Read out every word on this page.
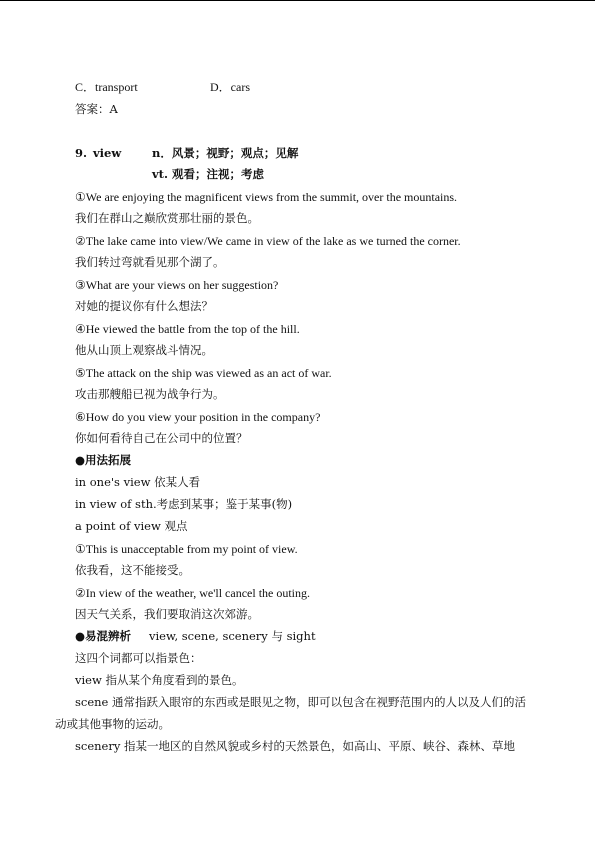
C．transport	D．cars
答案：A
9. view	n．风景；视野；观点；见解
vt. 观看；注视；考虑
①We are enjoying the magnificent views from the summit, over the mountains.
我们在群山之巅欣赏那壮丽的景色。
②The lake came into view/We came in view of the lake as we turned the corner.
我们转过弯就看见那个湖了。
③What are your views on her suggestion?
对她的提议你有什么想法？
④He viewed the battle from the top of the hill.
他从山顶上观察战斗情况。
⑤The attack on the ship was viewed as an act of war.
攻击那艘船已视为战争行为。
⑥How do you view your position in the company?
你如何看待自己在公司中的位置？
●用法拓展
in one's view 依某人看
in view of sth.考虑到某事；鉴于某事(物)
a point of view 观点
①This is unacceptable from my point of view.
依我看，这不能接受。
②In view of the weather, we'll cancel the outing.
因天气关系，我们要取消这次郊游。
●易混辨析 view, scene, scenery 与 sight
这四个词都可以指景色：
view 指从某个角度看到的景色。
scene 通常指跃入眼帘的东西或是眼见之物，即可以包含在视野范围内的人以及人们的活
动或其他事物的运动。
scenery 指某一地区的自然风貌或乡村的天然景色，如高山、平原、峡谷、森林、草地
